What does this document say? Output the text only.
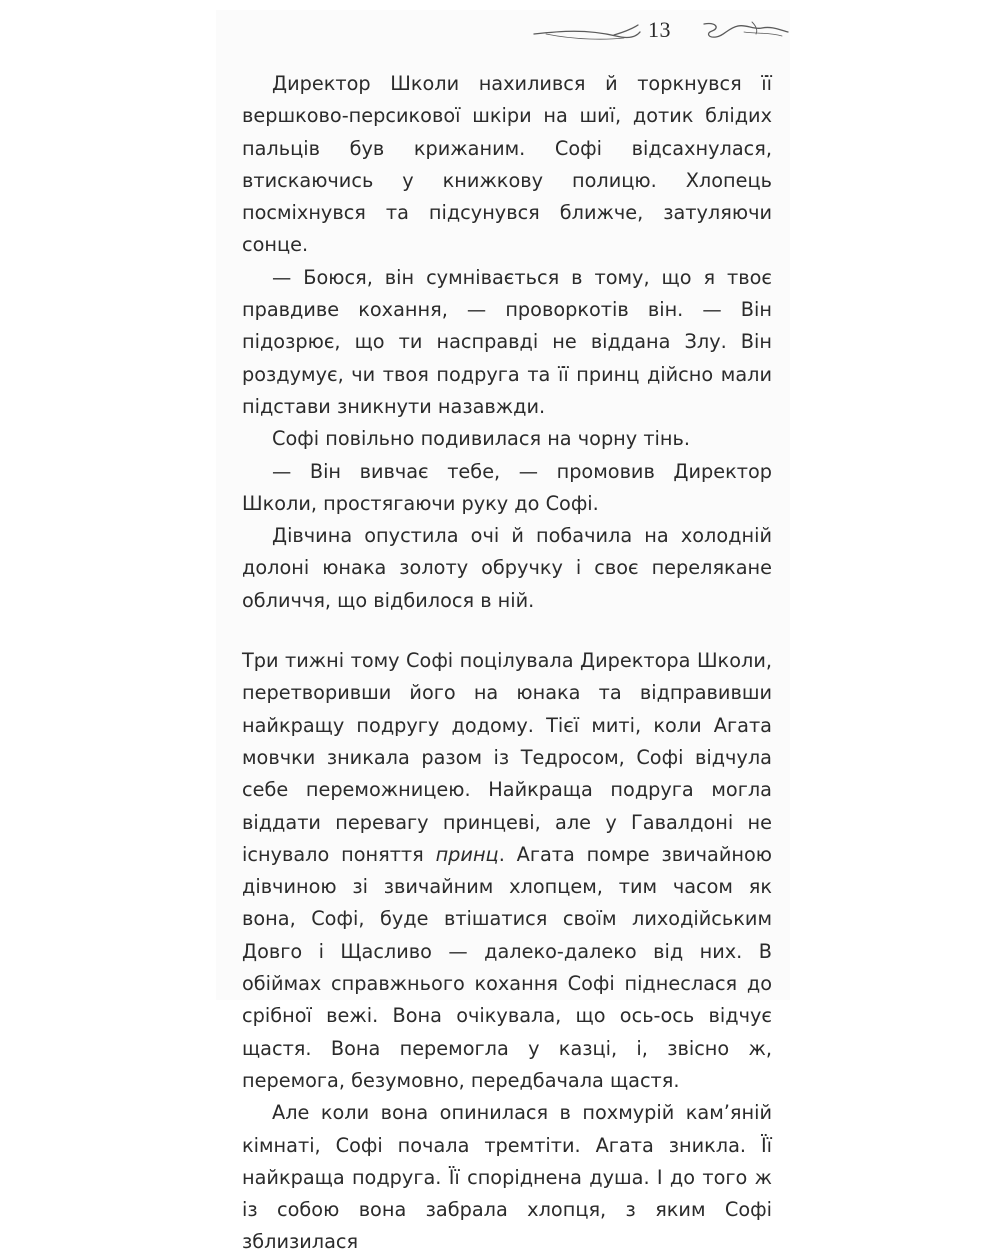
13

Директор Школи нахилився й торкнувся її вершково-персикової шкіри на шиї, дотик блідих пальців був крижаним. Софі відсахнулася, втискаючись у книжкову полицю. Хлопець посміхнувся та підсунувся ближче, затуляючи сонце.

— Боюся, він сумнівається в тому, що я твоє правдиве кохання, — проворкотів він. — Він підозрює, що ти насправді не віддана Злу. Він роздумує, чи твоя подруга та її принц дійсно мали підстави зникнути назавжди.

Софі повільно подивилася на чорну тінь.

— Він вивчає тебе, — промовив Директор Школи, простягаючи руку до Софі.

Дівчина опустила очі й побачила на холодній долоні юнака золоту обручку і своє перелякане обличчя, що відбилося в ній.

Три тижні тому Софі поцілувала Директора Школи, перетворивши його на юнака та відправивши найкращу подругу додому. Тієї миті, коли Агата мовчки зникала разом із Тедросом, Софі відчула себе переможницею. Найкраща подруга могла віддати перевагу принцеві, але у Гавалдоні не існувало поняття принц. Агата помре звичайною дівчиною зі звичайним хлопцем, тим часом як вона, Софі, буде втішатися своїм лиходійським Довго і Щасливо — далеко-далеко від них. В обіймах справжнього кохання Софі піднеслася до срібної вежі. Вона очікувала, що ось-ось відчує щастя. Вона перемогла у казці, і, звісно ж, перемога, безумовно, передбачала щастя.

Але коли вона опинилася в похмурій кам’яній кімнаті, Софі почала тремтіти. Агата зникла. Її найкраща подруга. Її споріднена душа. І до того ж із собою вона забрала хлопця, з яким Софі зблизилася
